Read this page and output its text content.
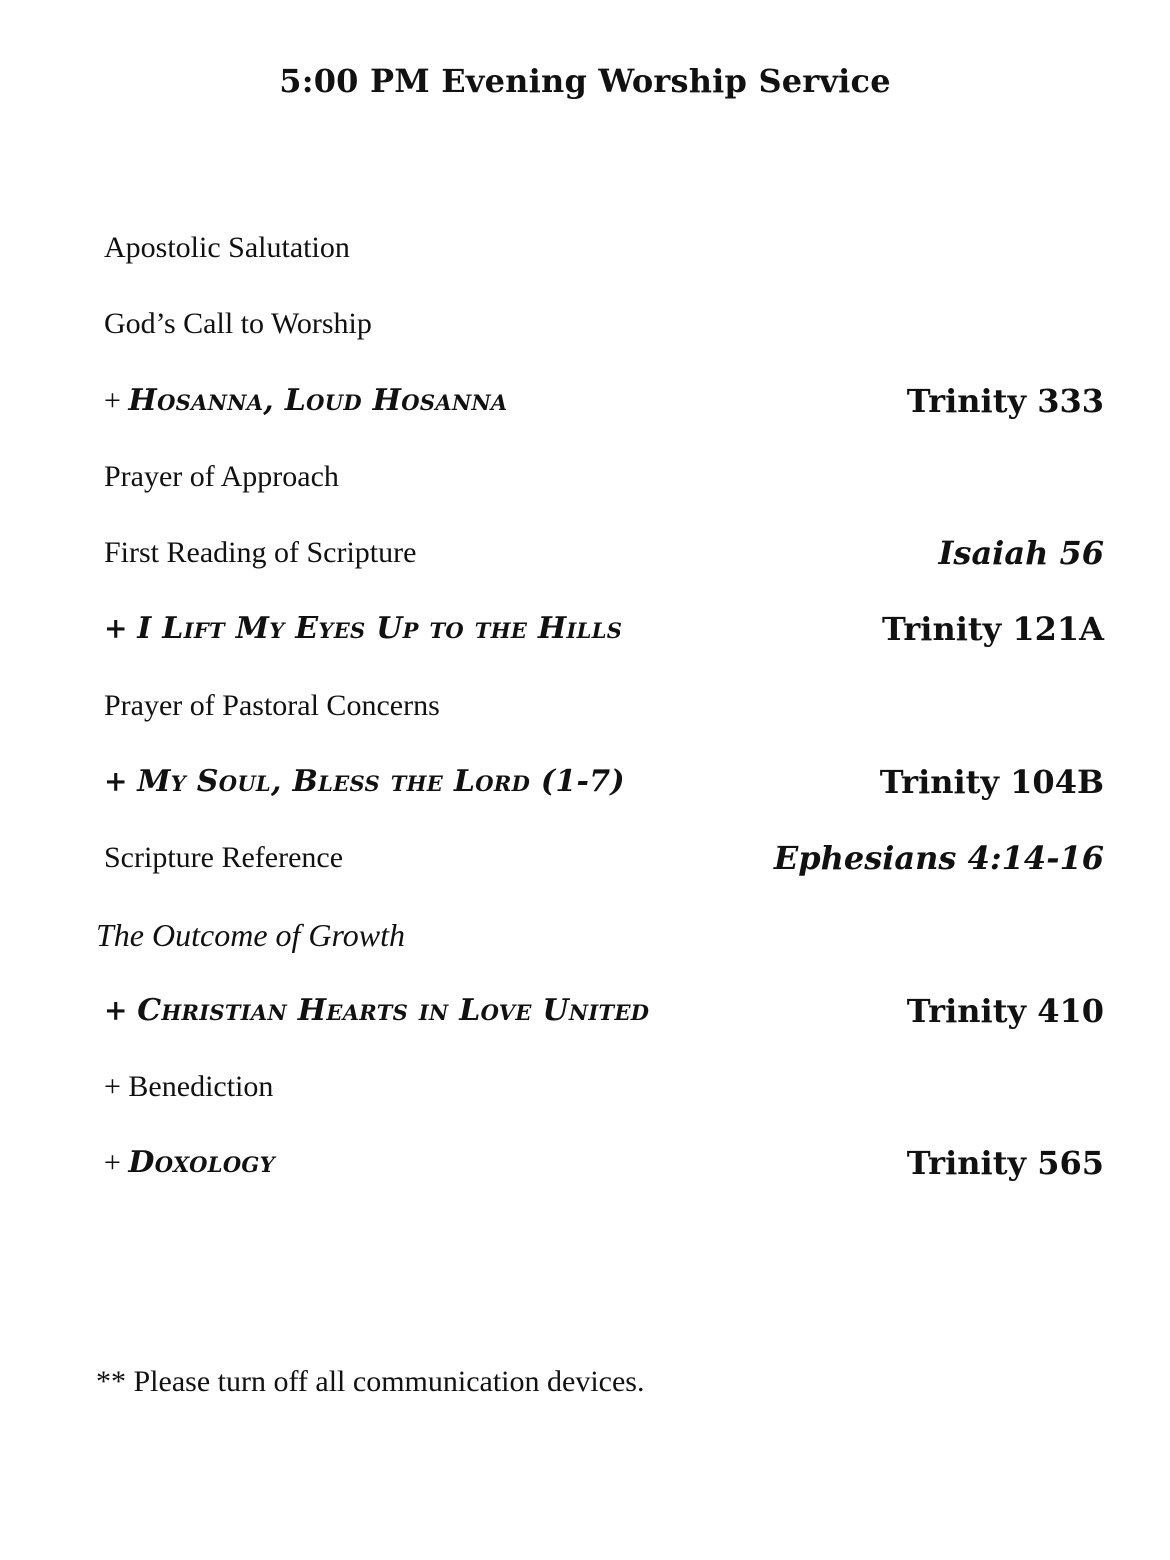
5:00 PM Evening Worship Service
Apostolic Salutation
God’s Call to Worship
+ Hosanna, Loud Hosanna	Trinity 333
Prayer of Approach
First Reading of Scripture	Isaiah 56
+ I Lift My Eyes Up to the Hills	Trinity 121A
Prayer of Pastoral Concerns
+ My Soul, Bless the Lord (1-7)	Trinity 104B
Scripture Reference	Ephesians 4:14-16
The Outcome of Growth
+ Christian Hearts in Love United	Trinity 410
+ Benediction
+ Doxology	Trinity 565
** Please turn off all communication devices.
